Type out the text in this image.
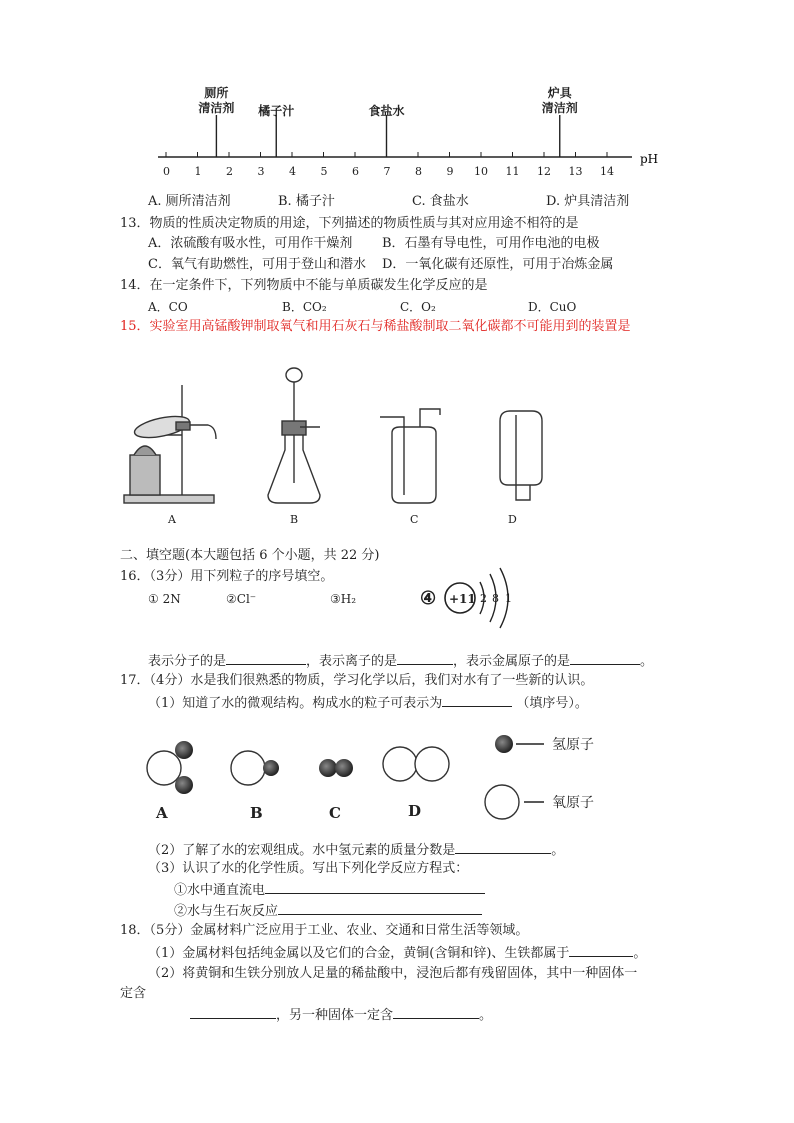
0 1 2 3 4 5 6 7 8 9 10 11 12 13 14
厕所
清洁剂 橘子汁	食盐水
炉具
清洁剂
pH
A. 厕所清洁剂	B. 橘子汁	C. 食盐水	D. 炉具清洁剂
13．物质的性质决定物质的用途，下列描述的物质性质与其对应用途不相符的是
A．浓硫酸有吸水性，可用作干燥剂 B．石墨有导电性，可用作电池的电极
C．氧气有助燃性，可用于登山和潜水 D．一氧化碳有还原性，可用于冶炼金属
14．在一定条件下，下列物质中不能与单质碳发生化学反应的是
A．CO	B．CO₂	C．O₂	D．CuO
15．实验室用高锰酸钾制取氧气和用石灰石与稀盐酸制取二氧化碳都不可能用到的装置是
A	B	C	D
二、填空题(本大题包括 6 个小题，共 22 分)
16．（3分）用下列粒子的序号填空。
① 2N	②Cl⁻	③H₂	④ +11 2 8 1
表示分子的是	，表示离子的是	，表示金属原子的是	。
17．（4分）水是我们很熟悉的物质，学习化学以后，我们对水有了一些新的认识。
（1）知道了水的微观结构。构成水的粒子可表示为	（填序号）。
A	B	C	D
氢原子
氧原子
（2）了解了水的宏观组成。水中氢元素的质量分数是	。
（3）认识了水的化学性质。写出下列化学反应方程式：
①水中通直流电
②水与生石灰反应
18．（5分）金属材料广泛应用于工业、农业、交通和日常生活等领域。
（1）金属材料包括纯金属以及它们的合金，黄铜(含铜和锌)、生铁都属于	。
（2）将黄铜和生铁分别放人足量的稀盐酸中，浸泡后都有残留固体，其中一种固体一
定含
，另一种固体一定含	。
